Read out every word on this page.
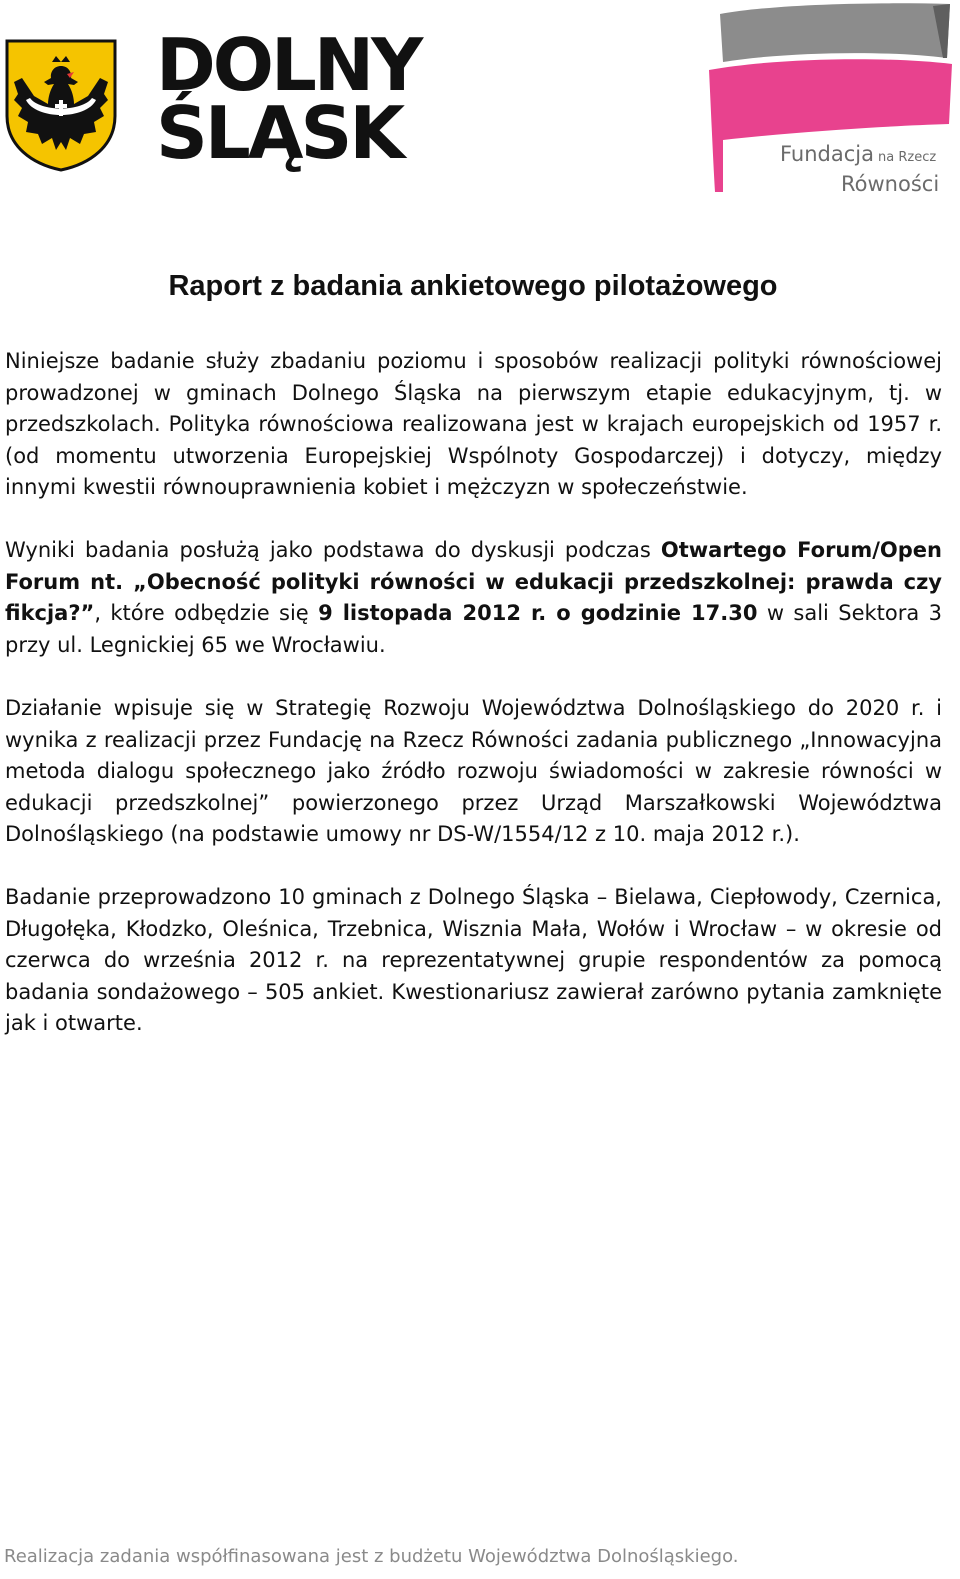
DOLNY
ŚLĄSK	Fundacja na Rzecz
Równości
Raport z badania ankietowego pilotażowego

Niniejsze badanie służy zbadaniu poziomu i sposobów realizacji polityki równościowej prowadzonej w gminach Dolnego Śląska na pierwszym etapie edukacyjnym, tj. w przedszkolach. Polityka równościowa realizowana jest w krajach europejskich od 1957 r. (od momentu utworzenia Europejskiej Wspólnoty Gospodarczej) i dotyczy, między innymi kwestii równouprawnienia kobiet i mężczyzn w społeczeństwie.

Wyniki badania posłużą jako podstawa do dyskusji podczas Otwartego Forum/Open Forum nt. „Obecność polityki równości w edukacji przedszkolnej: prawda czy fikcja?”, które odbędzie się 9 listopada 2012 r. o godzinie 17.30 w sali Sektora 3 przy ul. Legnickiej 65 we Wrocławiu.

Działanie wpisuje się w Strategię Rozwoju Województwa Dolnośląskiego do 2020 r. i wynika z realizacji przez Fundację na Rzecz Równości zadania publicznego „Innowacyjna metoda dialogu społecznego jako źródło rozwoju świadomości w zakresie równości w edukacji przedszkolnej” powierzonego przez Urząd Marszałkowski Województwa Dolnośląskiego (na podstawie umowy nr DS-W/1554/12 z 10. maja 2012 r.).

Badanie przeprowadzono 10 gminach z Dolnego Śląska – Bielawa, Ciepłowody, Czernica, Długołęka, Kłodzko, Oleśnica, Trzebnica, Wisznia Mała, Wołów i Wrocław – w okresie od czerwca do września 2012 r. na reprezentatywnej grupie respondentów za pomocą badania sondażowego – 505 ankiet. Kwestionariusz zawierał zarówno pytania zamknięte jak i otwarte.

Realizacja zadania współfinasowana jest z budżetu Województwa Dolnośląskiego.
